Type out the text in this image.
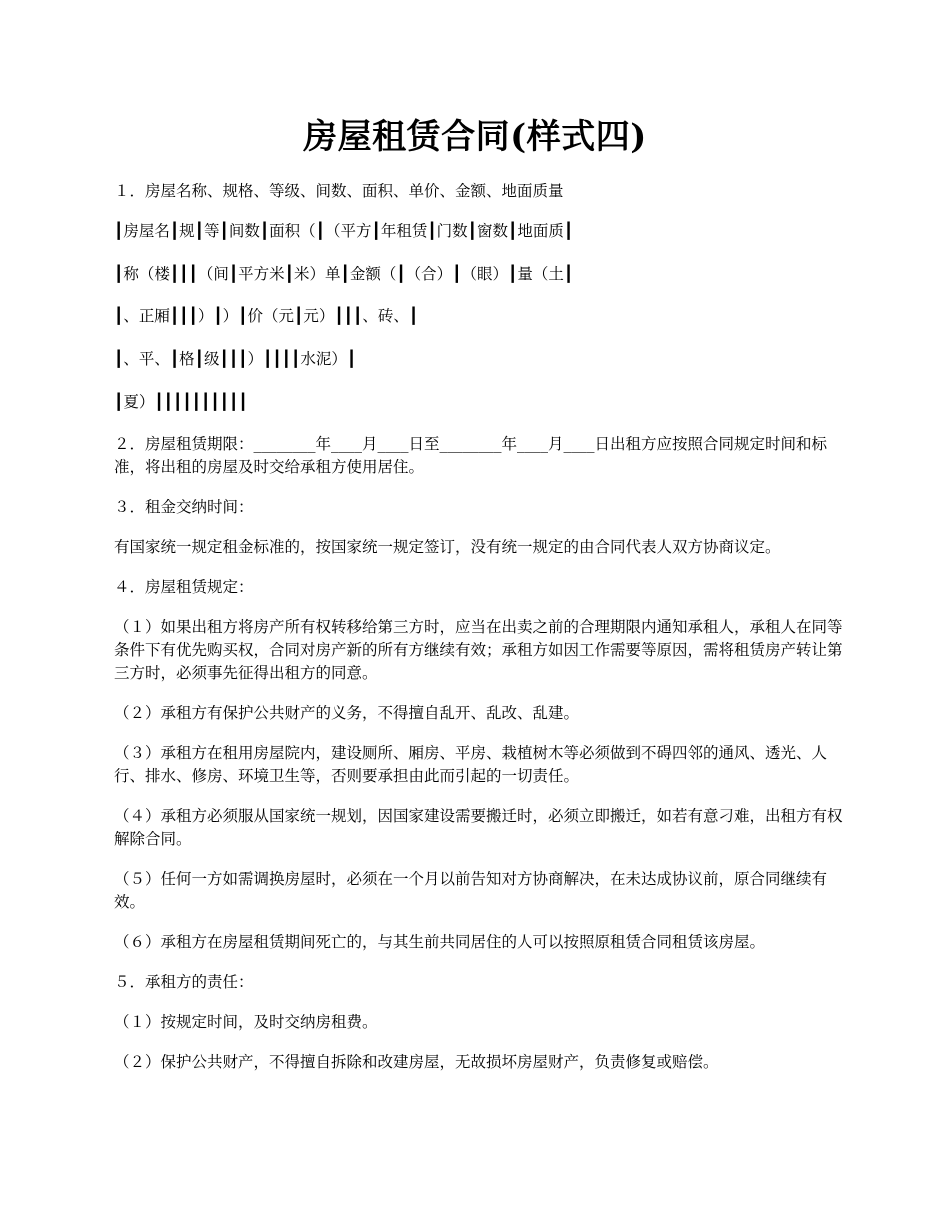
房屋租赁合同(样式四)

１．房屋名称、规格、等级、间数、面积、单价、金额、地面质量

┃房屋名┃规┃等┃间数┃面积（┃（平方┃年租赁┃门数┃窗数┃地面质┃

┃称（楼┃┃┃（间┃平方米┃米）单┃金额（┃（合）┃（眼）┃量（土┃

┃、正厢┃┃┃）┃）┃价（元┃元）┃┃┃、砖、┃

┃、平、┃格┃级┃┃┃）┃┃┃┃水泥）┃

┃夏）┃┃┃┃┃┃┃┃┃┃

２．房屋租赁期限：________年____月____日至________年____月____日出租方应按照合同规定时间和标准，将出租的房屋及时交给承租方使用居住。

３．租金交纳时间：

有国家统一规定租金标准的，按国家统一规定签订，没有统一规定的由合同代表人双方协商议定。

４．房屋租赁规定：

（１）如果出租方将房产所有权转移给第三方时，应当在出卖之前的合理期限内通知承租人，承租人在同等条件下有优先购买权，合同对房产新的所有方继续有效；承租方如因工作需要等原因，需将租赁房产转让第三方时，必须事先征得出租方的同意。

（２）承租方有保护公共财产的义务，不得擅自乱开、乱改、乱建。

（３）承租方在租用房屋院内，建设厕所、厢房、平房、栽植树木等必须做到不碍四邻的通风、透光、人行、排水、修房、环境卫生等，否则要承担由此而引起的一切责任。

（４）承租方必须服从国家统一规划，因国家建设需要搬迁时，必须立即搬迁，如若有意刁难，出租方有权解除合同。

（５）任何一方如需调换房屋时，必须在一个月以前告知对方协商解决，在未达成协议前，原合同继续有效。

（６）承租方在房屋租赁期间死亡的，与其生前共同居住的人可以按照原租赁合同租赁该房屋。

５．承租方的责任：

（１）按规定时间，及时交纳房租费。

（２）保护公共财产，不得擅自拆除和改建房屋，无故损坏房屋财产，负责修复或赔偿。
